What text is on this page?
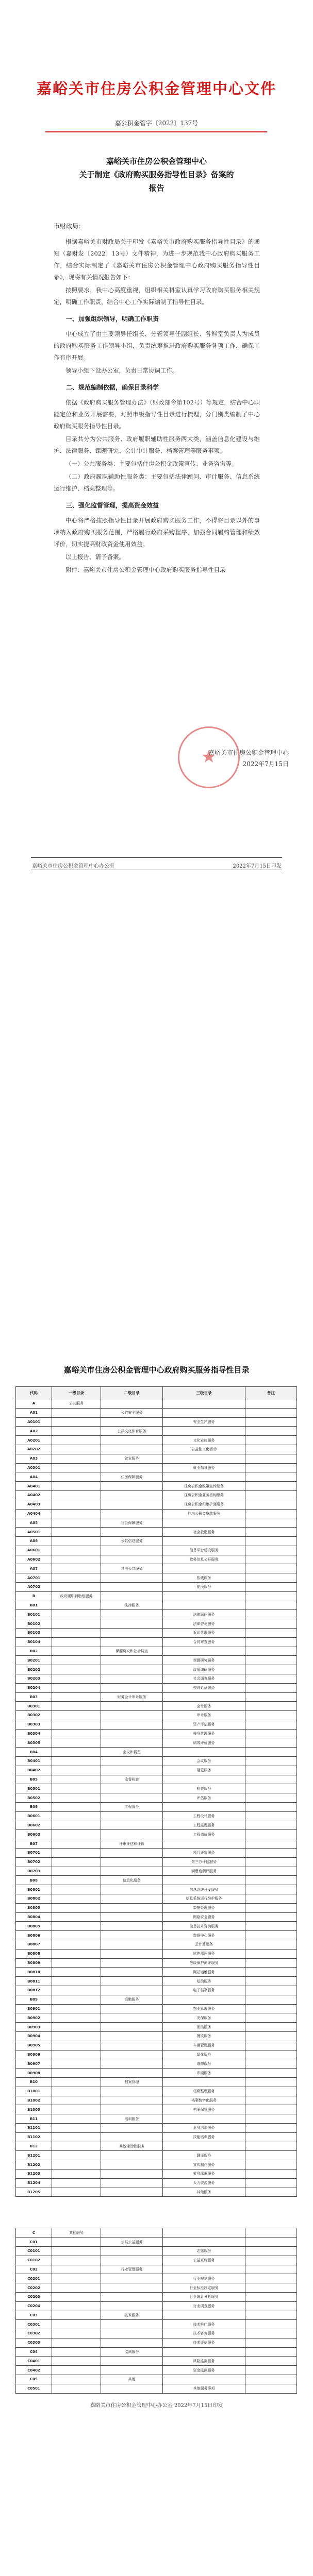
嘉峪关市住房公积金管理中心文件
嘉公积金管字〔2022〕137号
嘉峪关市住房公积金管理中心
关于制定《政府购买服务指导性目录》备案的
报告
市财政局：

根据嘉峪关市财政局关于印发《嘉峪关市政府购买服务指导性目录》的通知（嘉财发〔2022〕13号）文件精神，为进一步规范我中心政府购买服务工作，结合实际制定了《嘉峪关市住房公积金管理中心政府购买服务指导性目录》，现将有关情况报告如下：

按照要求，我中心高度重视，组织相关科室认真学习政府购买服务相关规定，明确工作职责，结合中心工作实际编制了指导性目录。

一、加强组织领导，明确工作职责

中心成立了由主要领导任组长、分管领导任副组长、各科室负责人为成员的政府购买服务工作领导小组，负责统筹推进政府购买服务各项工作，确保工作有序开展。

领导小组下设办公室，负责日常协调工作。

二、规范编制依据，确保目录科学

依据《政府购买服务管理办法》（财政部令第102号）等规定，结合中心职能定位和业务开展需要，对照市级指导性目录进行梳理，分门别类编制了中心政府购买服务指导性目录。

目录共分为公共服务、政府履职辅助性服务两大类，涵盖信息化建设与维护、法律服务、课题研究、会计审计服务、档案管理等服务事项。

（一）公共服务类：主要包括住房公积金政策宣传、业务咨询等。

（二）政府履职辅助性服务类：主要包括法律顾问、审计服务、信息系统运行维护、档案整理等。

三、强化监督管理，提高资金效益

中心将严格按照指导性目录开展政府购买服务工作，不得将目录以外的事项纳入政府购买服务范围，严格履行政府采购程序，加强合同履约管理和绩效评价，切实提高财政资金使用效益。

以上报告，请予备案。

附件：嘉峪关市住房公积金管理中心政府购买服务指导性目录

★
嘉峪关市住房公积金管理中心
2022年7月15日
嘉峪关市住房公积金管理中心办公室	2022年7月15日印发
嘉峪关市住房公积金管理中心政府购买服务指导性目录
代码	一级目录	二级目录	三级目录	备注
A	公共服务			
A01		公共安全服务		
A0101			安全生产服务	
A02		公共文化体育服务		
A0201			文化宣传服务	
A0202			公益性文化活动	
A03		就业服务		
A0301			就业指导服务	
A04		住房保障服务		
A0401			住房公积金政策宣传服务	
A0402			住房公积金业务咨询服务	
A0403			住房公积金归集扩面服务	
A0404			住房公积金贷款服务	
A05		社会保障服务		
A0501			社会救助服务	
A06		公共信息服务		
A0601			信息平台建设服务	
A0602			政务信息公开服务	
A07		其他公共服务		
A0701			热线服务	
A0702			便民服务	
B	政府履职辅助性服务			
B01		法律服务		
B0101			法律顾问服务	
B0102			法律咨询服务	
B0103			诉讼代理服务	
B0104			合同审查服务	
B02		课题研究和社会调查		
B0201			课题研究服务	
B0202			政策调研服务	
B0203			社会调查服务	
B0204			咨询论证服务	
B03		财务会计审计服务		
B0301			会计服务	
B0302			审计服务	
B0303			资产评估服务	
B0304			税务代理服务	
B0305			绩效评价服务	
B04		会议和展览		
B0401			会议服务	
B0402			展览服务	
B05		监督检查		
B0501			检查服务	
B0502			评估服务	
B06		工程服务		
B0601			工程设计服务	
B0602			工程监理服务	
B0603			工程造价服务	
B07		评审评估和评价		
B0701			项目评审服务	
B0702			第三方评估服务	
B0703			满意度测评服务	
B08		信息化服务		
B0801			信息系统开发服务	
B0802			信息系统运行维护服务	
B0803			数据处理服务	
B0804			网络安全服务	
B0805			信息技术咨询服务	
B0806			数据中心服务	
B0807			云计算服务	
B0808			软件测评服务	
B0809			等级保护测评服务	
B0810			网站运维服务	
B0811			短信服务	
B0812			电子档案服务	
B09		后勤服务		
B0901			物业管理服务	
B0902			安保服务	
B0903			保洁服务	
B0904			餐饮服务	
B0905			车辆管理服务	
B0906			绿化服务	
B0907			维修服务	
B0908			印刷服务	
B10		档案管理		
B1001			档案整理服务	
B1002			档案数字化服务	
B1003			档案保管服务	
B11		培训服务		
B1101			业务培训服务	
B1102			技能培训服务	
B12		其他辅助性服务		
B1201			翻译服务	
B1202			宣传制作服务	
B1203			劳务派遣服务	
B1204			人力资源服务	
B1205			其他服务	
C	其他服务			
C01		公共公益服务		
C0101			志愿服务	
C0102			公益宣传服务	
C02		行业管理服务		
C0201			行业规划服务	
C0202			行业标准制定服务	
C0203			行业统计分析服务	
C0204			行业调查服务	
C03		技术服务		
C0301			技术推广服务	
C0302			技术咨询服务	
C0303			技术评估服务	
C04		监测服务		
C0401			风险监测服务	
C0402			资金监测服务	
C05		其他		
C0501			其他服务事项	
嘉峪关市住房公积金管理中心办公室 2022年7月15日印发
